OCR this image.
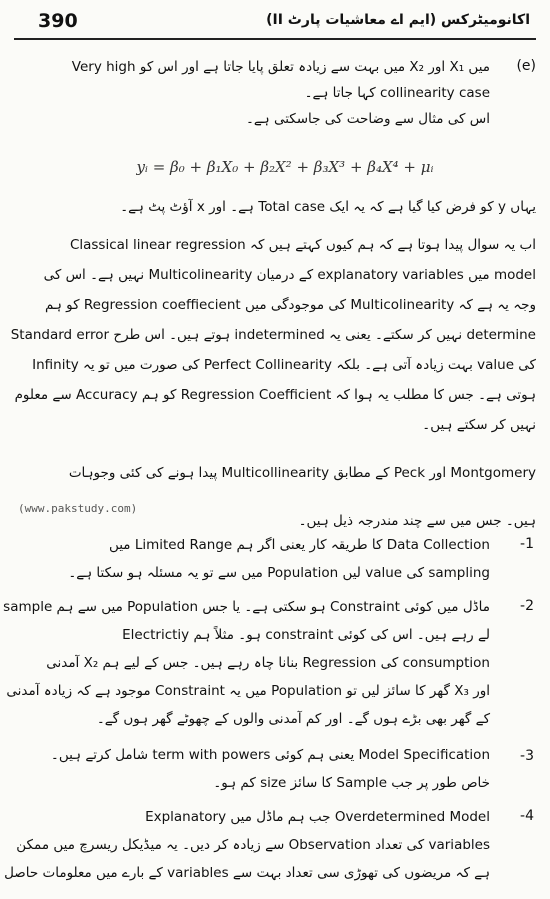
390	اکانومیٹرکس (ایم اے معاشیات پارٹ II)
(e)
میں X₁ اور X₂ میں بہت سے زیادہ تعلق پایا جاتا ہے اور اس کو Very high
collinearity case کہا جاتا ہے۔
اس کی مثال سے وضاحت کی جاسکتی ہے۔
yᵢ = β₀ + β₁X₀ + β₂X² + β₃X³ + β₄X⁴ + μᵢ
یہاں y کو فرض کیا گیا ہے کہ یہ ایک Total case ہے۔ اور x آؤٹ پٹ ہے۔
اب یہ سوال پیدا ہوتا ہے کہ ہم کیوں کہتے ہیں کہ Classical linear regression
model میں explanatory variables کے درمیان Multicolinearity نہیں ہے۔ اس کی
وجہ یہ ہے کہ Multicolinearity کی موجودگی میں Regression coeffiecient کو ہم
determine نہیں کر سکتے۔ یعنی یہ indetermined ہوتے ہیں۔ اس طرح Standard error
کی value بہت زیادہ آتی ہے۔ بلکہ Perfect Collinearity کی صورت میں تو یہ Infinity
ہوتی ہے۔ جس کا مطلب یہ ہوا کہ Regression Coefficient کو ہم Accuracy سے معلوم
نہیں کر سکتے ہیں۔
Montgomery اور Peck کے مطابق Multicollinearity پیدا ہونے کی کئی وجوہات
ہیں۔ جس میں سے چند مندرجہ ذیل ہیں۔
(www.pakstudy.com)
-1
Data Collection کا طریقہ کار یعنی اگر ہم Limited Range میں
sampling کی value لیں Population میں سے تو یہ مسئلہ ہو سکتا ہے۔
-2
ماڈل میں کوئی Constraint ہو سکتی ہے۔ یا جس Population میں سے ہم sample
لے رہے ہیں۔ اس کی کوئی constraint ہو۔ مثلاً ہم Electrictiy
consumption کی Regression بنانا چاہ رہے ہیں۔ جس کے لیے ہم X₂ آمدنی
اور X₃ گھر کا سائز لیں تو Population میں یہ Constraint موجود ہے کہ زیادہ آمدنی
کے گھر بھی بڑے ہوں گے۔ اور کم آمدنی والوں کے چھوٹے گھر ہوں گے۔
-3
Model Specification یعنی ہم کوئی term with powers شامل کرتے ہیں۔
خاص طور پر جب Sample کا سائز size کم ہو۔
-4
Overdetermined Model جب ہم ماڈل میں Explanatory
variables کی تعداد Observation سے زیادہ کر دیں۔ یہ میڈیکل ریسرچ میں ممکن
ہے کہ مریضوں کی تھوڑی سی تعداد بہت سے variables کے بارے میں معلومات حاصل
